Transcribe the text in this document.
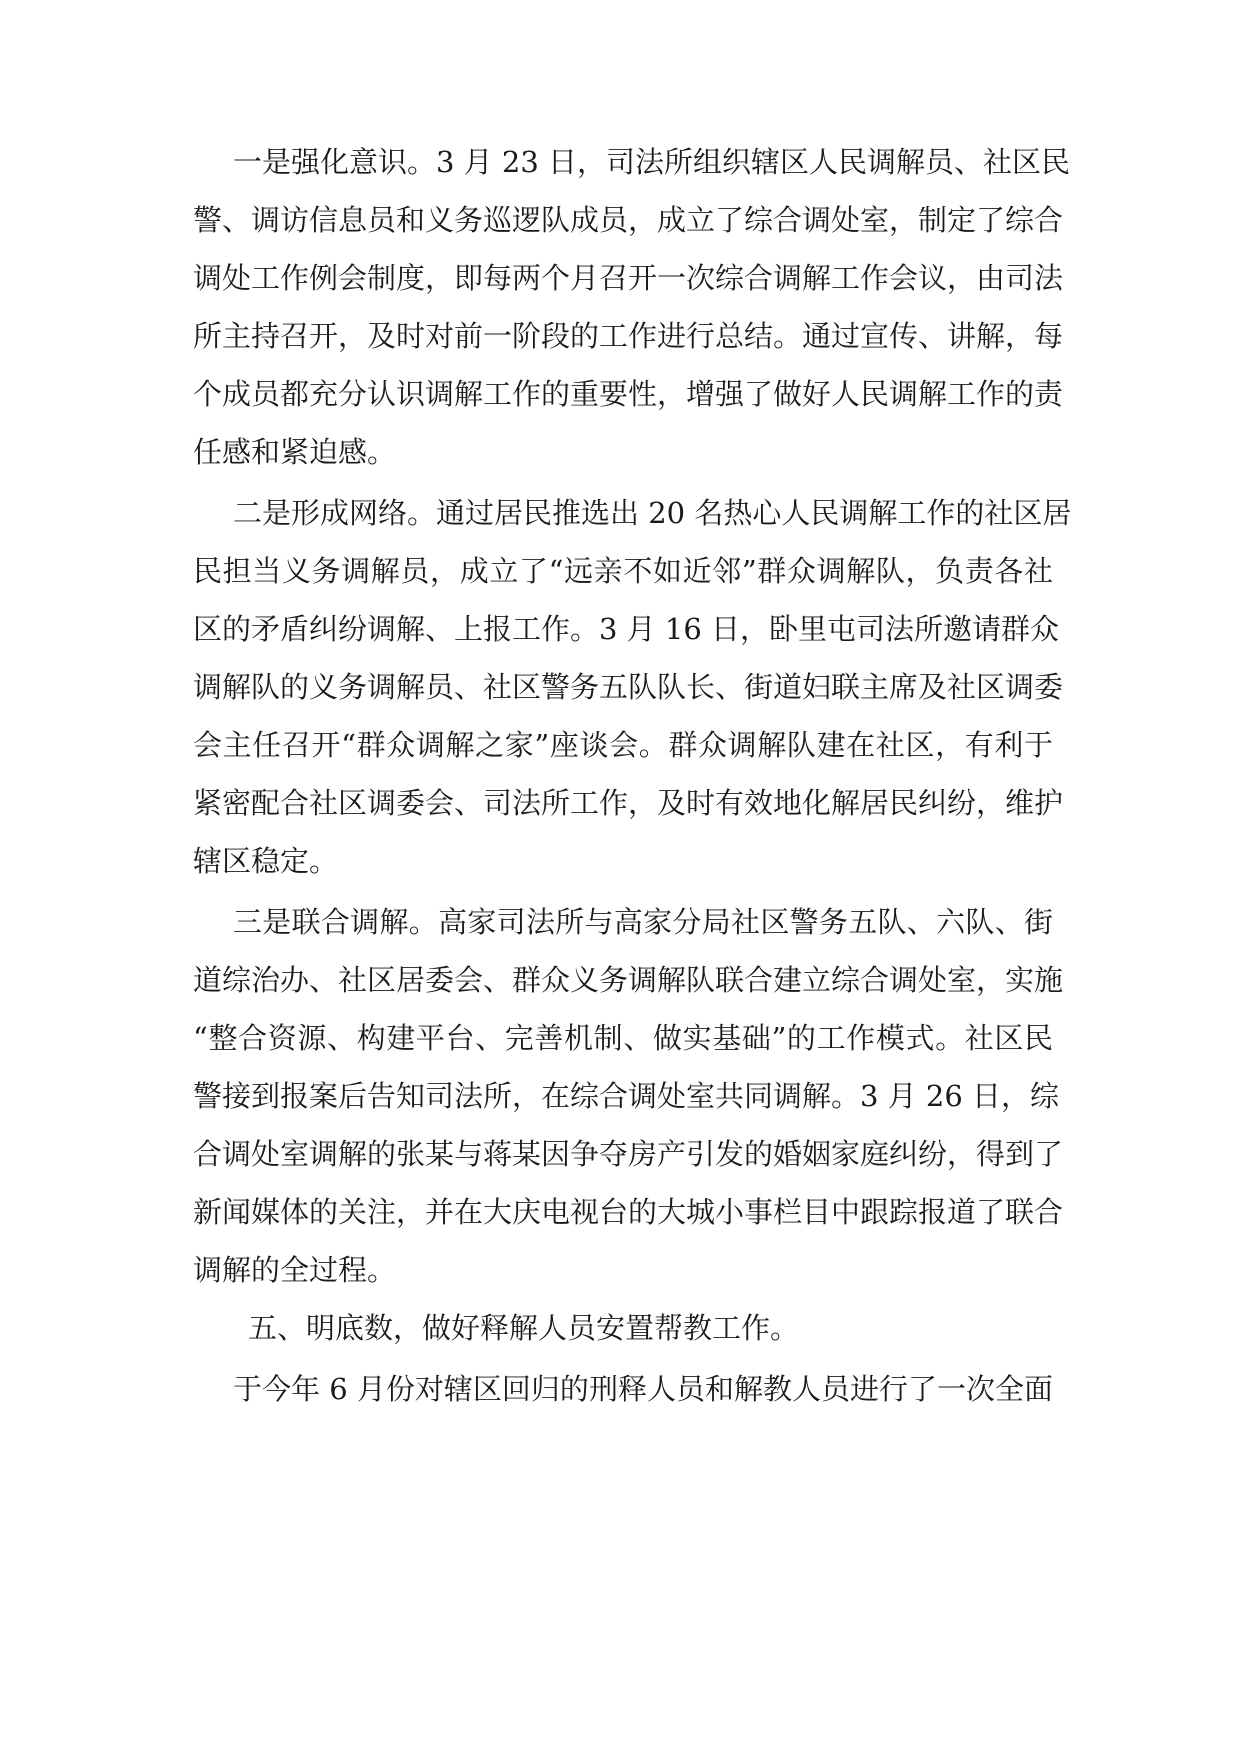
一是强化意识。3 月 23 日，司法所组织辖区人民调解员、社区民
警、调访信息员和义务巡逻队成员，成立了综合调处室，制定了综合
调处工作例会制度，即每两个月召开一次综合调解工作会议，由司法
所主持召开，及时对前一阶段的工作进行总结。通过宣传、讲解，每
个成员都充分认识调解工作的重要性，增强了做好人民调解工作的责
任感和紧迫感。
二是形成网络。通过居民推选出 20 名热心人民调解工作的社区居
民担当义务调解员，成立了“远亲不如近邻”群众调解队，负责各社
区的矛盾纠纷调解、上报工作。3 月 16 日，卧里屯司法所邀请群众
调解队的义务调解员、社区警务五队队长、街道妇联主席及社区调委
会主任召开“群众调解之家”座谈会。群众调解队建在社区，有利于
紧密配合社区调委会、司法所工作，及时有效地化解居民纠纷，维护
辖区稳定。
三是联合调解。高家司法所与高家分局社区警务五队、六队、街
道综治办、社区居委会、群众义务调解队联合建立综合调处室，实施
“整合资源、构建平台、完善机制、做实基础”的工作模式。社区民
警接到报案后告知司法所，在综合调处室共同调解。3 月 26 日，综
合调处室调解的张某与蒋某因争夺房产引发的婚姻家庭纠纷，得到了
新闻媒体的关注，并在大庆电视台的大城小事栏目中跟踪报道了联合
调解的全过程。
五、明底数，做好释解人员安置帮教工作。
于今年 6 月份对辖区回归的刑释人员和解教人员进行了一次全面
